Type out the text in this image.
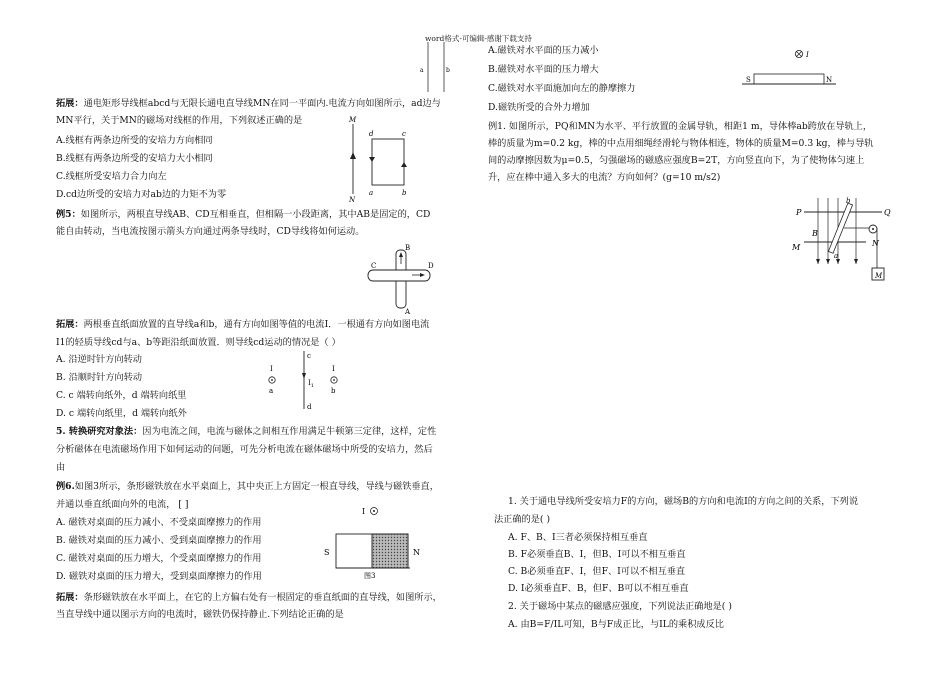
word格式-可编辑-感谢下载支持
a	b
拓展：通电矩形导线框abcd与无限长通电直导线MN在同一平面内.电流方向如图所示，ad边与
MN平行，关于MN的磁场对线框的作用，下列叙述正确的是
A.线框有两条边所受的安培力方向相同
B.线框有两条边所受的安培力大小相同
C.线框所受安培力合力向左
D.cd边所受的安培力对ab边的力矩不为零
M
N
d	c
a	b
例5：如图所示，两根直导线AB、CD互相垂直，但相隔一小段距离，其中AB是固定的，CD
能自由转动，当电流按图示箭头方向通过两条导线时，CD导线将如何运动。
B
A
C	D
拓展：两根垂直纸面放置的直导线a和b，通有方向如图等值的电流I．一根通有方向如图电流
I1的轻质导线cd与a、b等距沿纸面放置．则导线cd运动的情况是（ ）
A. 沿逆时针方向转动
B. 沿顺时针方向转动
C. c 端转向纸外，d 端转向纸里
D. c 端转向纸里，d 端转向纸外
c
d
$I_1$
I
a
I
b
5. 转换研究对象法：因为电流之间，电流与磁体之间相互作用满足牛顿第三定律，这样，定性
分析磁体在电流磁场作用下如何运动的问题，可先分析电流在磁体磁场中所受的安培力，然后
由
例6.如图3所示，条形磁铁放在水平桌面上，其中央正上方固定一根直导线，导线与磁铁垂直，
并通以垂直纸面向外的电流， [ ]
A. 磁铁对桌面的压力减小、不受桌面摩擦力的作用
B. 磁铁对桌面的压力减小、受到桌面摩擦力的作用
C. 磁铁对桌面的压力增大，个受桌面摩擦力的作用
D. 磁铁对桌面的压力增大，受到桌面摩擦力的作用
I
S	N
图3
拓展：条形磁铁放在水平面上，在它的上方偏右处有一根固定的垂直纸面的直导线，如图所示，
当直导线中通以图示方向的电流时，磁铁仍保持静止.下列结论正确的是
A.磁铁对水平面的压力减小
B.磁铁对水平面的压力增大
C.磁铁对水平面施加向左的静摩擦力
D.磁铁所受的合外力增加
I
S	N
例1. 如图所示，PQ和MN为水平、平行放置的金属导轨，相距1 m，导体棒ab跨放在导轨上，
棒的质量为m=0.2 kg，棒的中点用细绳经滑轮与物体相连，物体的质量M=0.3 kg，棒与导轨
间的动摩擦因数为μ=0.5，匀强磁场的磁感应强度B=2T，方向竖直向下，为了使物体匀速上
升，应在棒中通入多大的电流？方向如何？(g=10 m/s2)
M
P	Q
M	N
B
b
a
1. 关于通电导线所受安培力F的方向，磁场B的方向和电流I的方向之间的关系，下列说
法正确的是( )
A. F、B、I三者必须保持相互垂直
B. F必须垂直B、I，但B、I可以不相互垂直
C. B必须垂直F、I，但F、I可以不相互垂直
D. I必须垂直F、B，但F、B可以不相互垂直
2. 关于磁场中某点的磁感应强度，下列说法正确地是( )
A. 由B=F/IL可知，B与F成正比，与IL的乘积成反比
